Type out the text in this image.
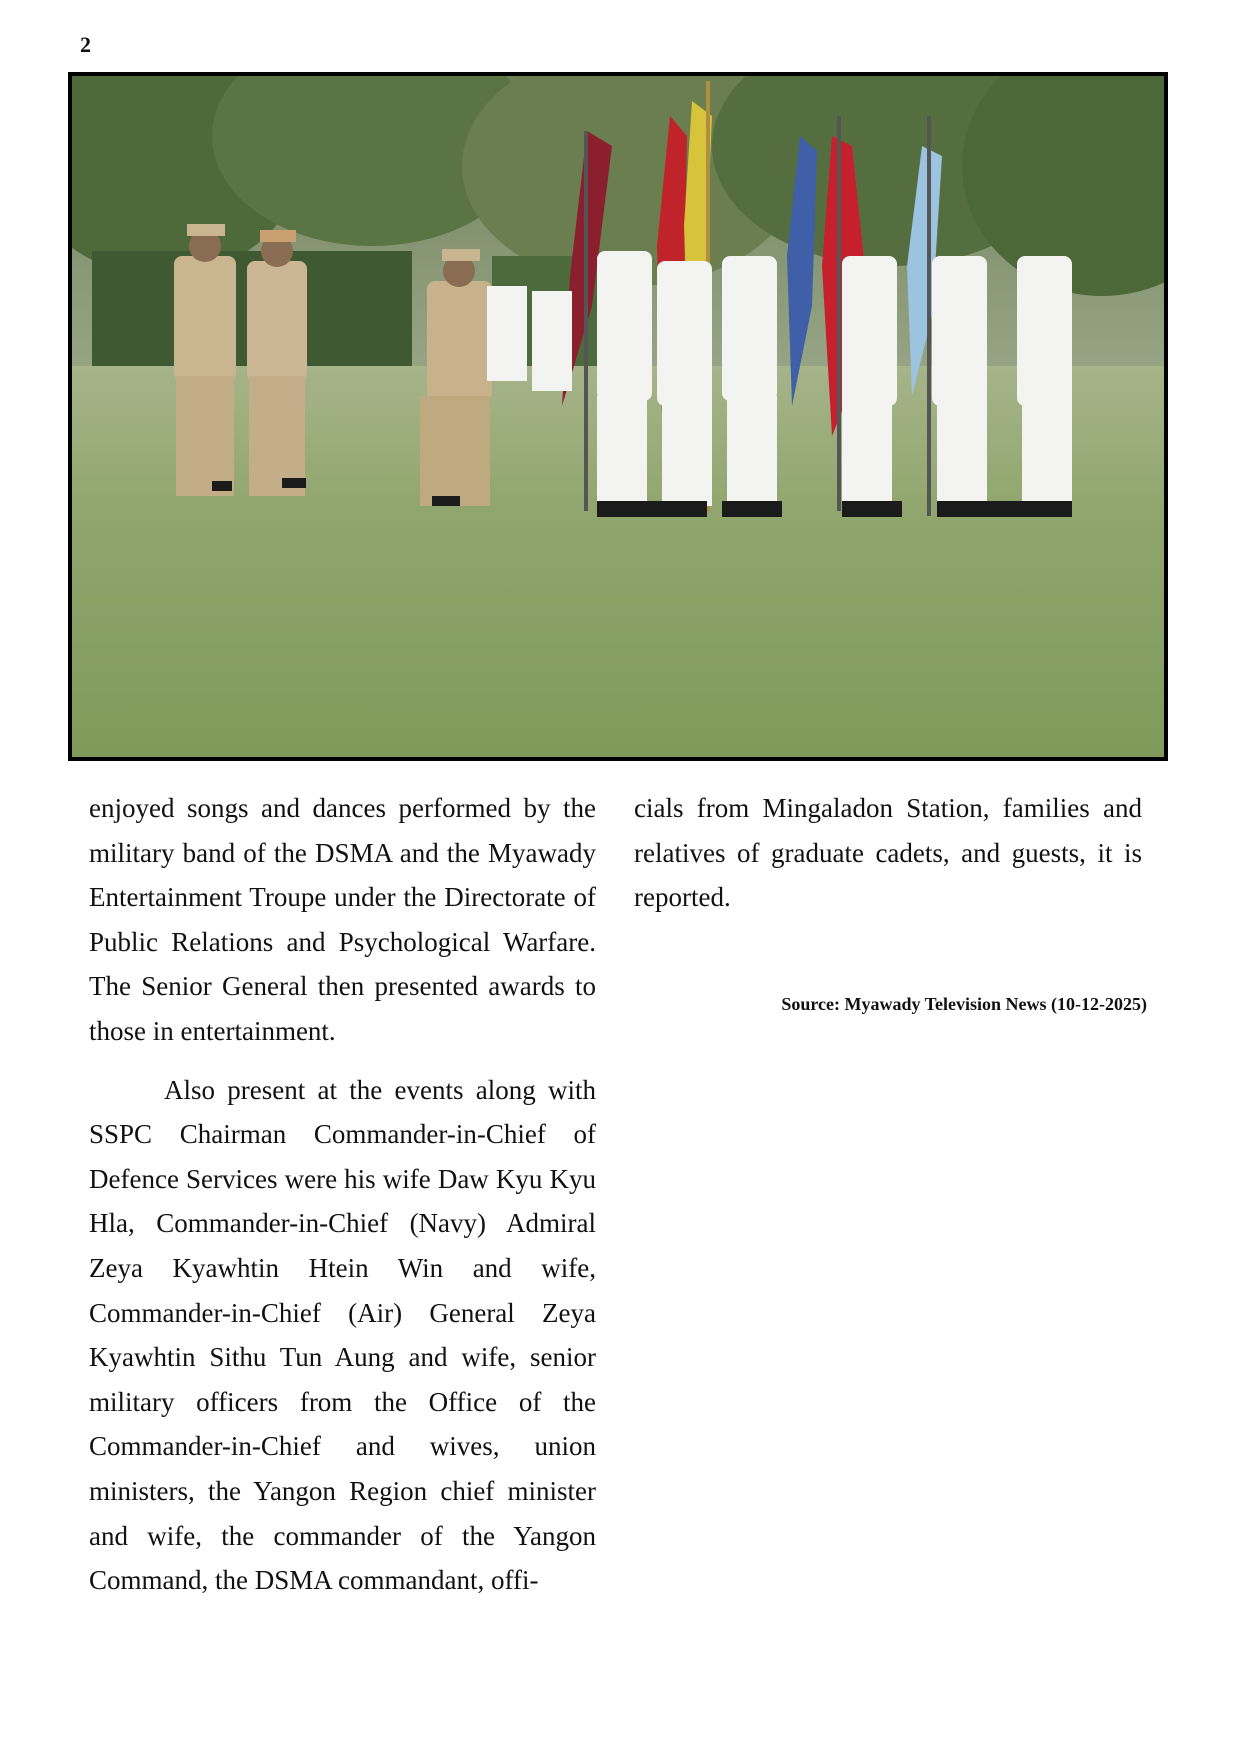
2

enjoyed songs and dances performed by the military band of the DSMA and the Myawady Entertainment Troupe under the Directorate of Public Relations and Psychological Warfare. The Senior General then presented awards to those in entertainment.

Also present at the events along with SSPC Chairman Commander-in-Chief of Defence Services were his wife Daw Kyu Kyu Hla, Commander-in-Chief (Navy) Admiral Zeya Kyawhtin Htein Win and wife, Commander-in-Chief (Air) General Zeya Kyawhtin Sithu Tun Aung and wife, senior military officers from the Office of the Commander-in-Chief and wives, union ministers, the Yangon Region chief minister and wife, the commander of the Yangon Command, the DSMA commandant, offi-

cials from Mingaladon Station, families and relatives of graduate cadets, and guests, it is reported.

Source: Myawady Television News (10-12-2025)
